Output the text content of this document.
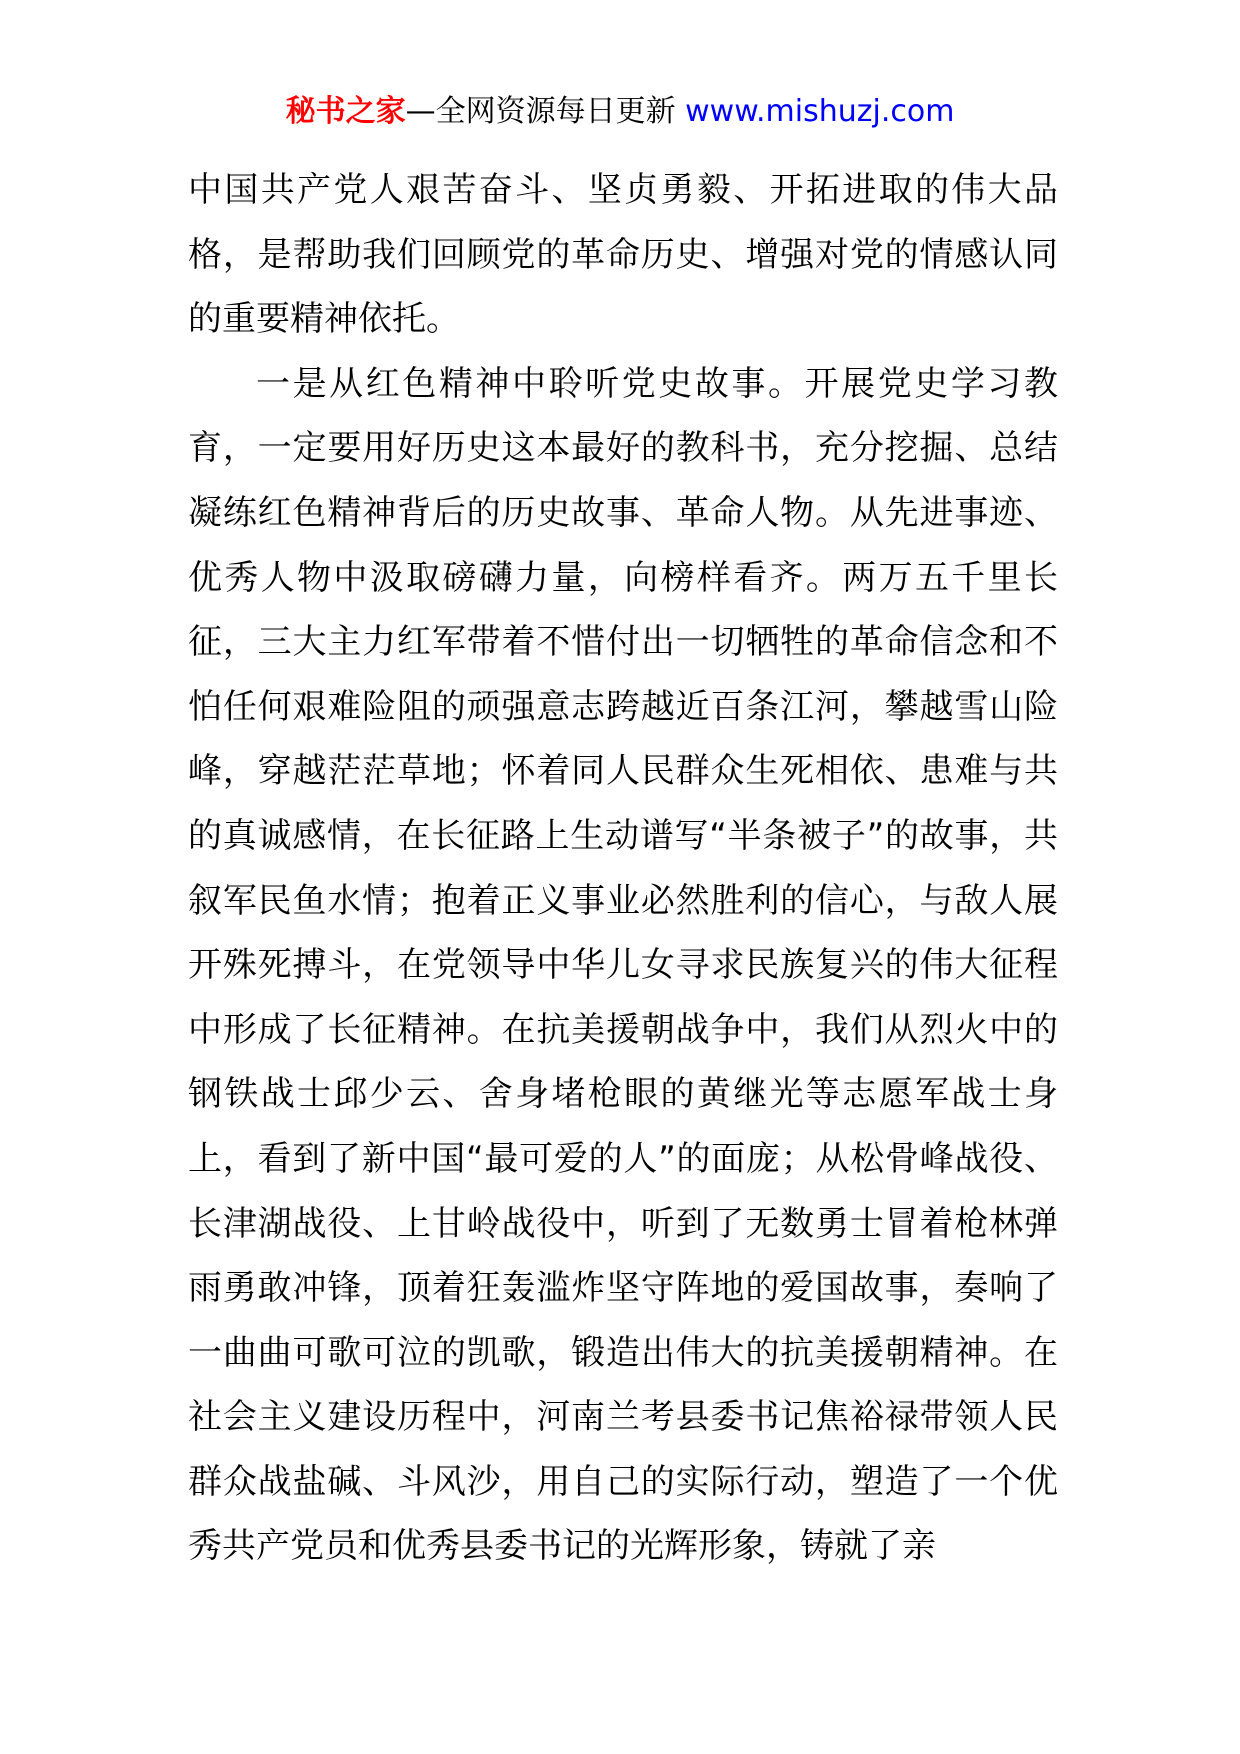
秘书之家—全网资源每日更新 www.mishuzj.com

中国共产党人艰苦奋斗、坚贞勇毅、开拓进取的伟大品格，是帮助我们回顾党的革命历史、增强对党的情感认同的重要精神依托。

一是从红色精神中聆听党史故事。开展党史学习教育，一定要用好历史这本最好的教科书，充分挖掘、总结凝练红色精神背后的历史故事、革命人物。从先进事迹、优秀人物中汲取磅礴力量，向榜样看齐。两万五千里长征，三大主力红军带着不惜付出一切牺牲的革命信念和不怕任何艰难险阻的顽强意志跨越近百条江河，攀越雪山险峰，穿越茫茫草地；怀着同人民群众生死相依、患难与共的真诚感情，在长征路上生动谱写“半条被子”的故事，共叙军民鱼水情；抱着正义事业必然胜利的信心，与敌人展开殊死搏斗，在党领导中华儿女寻求民族复兴的伟大征程中形成了长征精神。在抗美援朝战争中，我们从烈火中的钢铁战士邱少云、舍身堵枪眼的黄继光等志愿军战士身上，看到了新中国“最可爱的人”的面庞；从松骨峰战役、长津湖战役、上甘岭战役中，听到了无数勇士冒着枪林弹雨勇敢冲锋，顶着狂轰滥炸坚守阵地的爱国故事，奏响了一曲曲可歌可泣的凯歌，锻造出伟大的抗美援朝精神。在社会主义建设历程中，河南兰考县委书记焦裕禄带领人民群众战盐碱、斗风沙，用自己的实际行动，塑造了一个优秀共产党员和优秀县委书记的光辉形象，铸就了亲
